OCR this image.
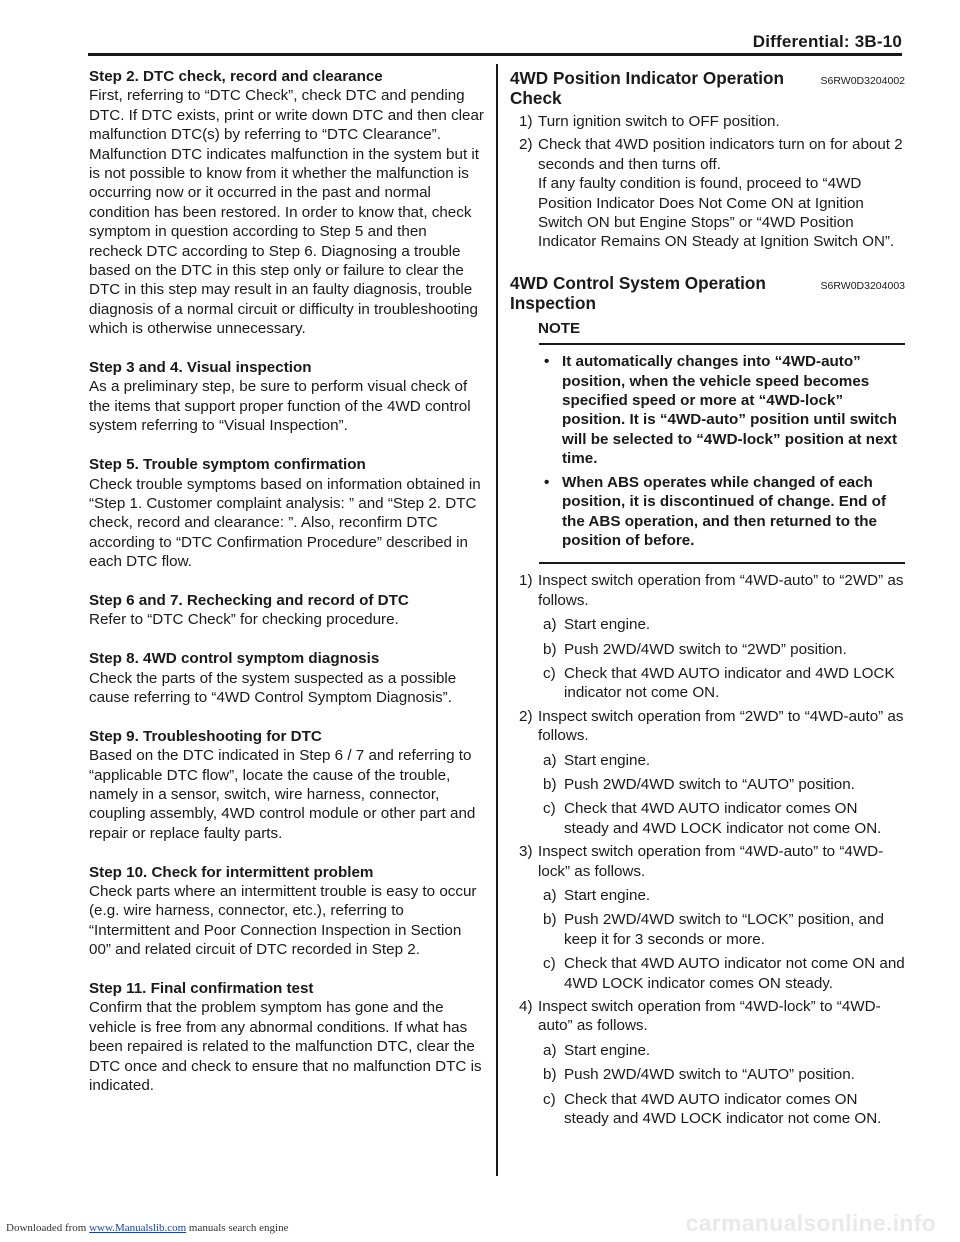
Differential: 3B-10
Step 2. DTC check, record and clearance
First, referring to “DTC Check”, check DTC and pending DTC. If DTC exists, print or write down DTC and then clear malfunction DTC(s) by referring to “DTC Clearance”. Malfunction DTC indicates malfunction in the system but it is not possible to know from it whether the malfunction is occurring now or it occurred in the past and normal condition has been restored. In order to know that, check symptom in question according to Step 5 and then recheck DTC according to Step 6. Diagnosing a trouble based on the DTC in this step only or failure to clear the DTC in this step may result in an faulty diagnosis, trouble diagnosis of a normal circuit or difficulty in troubleshooting which is otherwise unnecessary.
Step 3 and 4. Visual inspection
As a preliminary step, be sure to perform visual check of the items that support proper function of the 4WD control system referring to “Visual Inspection”.
Step 5. Trouble symptom confirmation
Check trouble symptoms based on information obtained in “Step 1. Customer complaint analysis: ” and “Step 2. DTC check, record and clearance: ”. Also, reconfirm DTC according to “DTC Confirmation Procedure” described in each DTC flow.
Step 6 and 7. Rechecking and record of DTC
Refer to “DTC Check” for checking procedure.
Step 8. 4WD control symptom diagnosis
Check the parts of the system suspected as a possible cause referring to “4WD Control Symptom Diagnosis”.
Step 9. Troubleshooting for DTC
Based on the DTC indicated in Step 6 / 7 and referring to “applicable DTC flow”, locate the cause of the trouble, namely in a sensor, switch, wire harness, connector, coupling assembly, 4WD control module or other part and repair or replace faulty parts.
Step 10. Check for intermittent problem
Check parts where an intermittent trouble is easy to occur (e.g. wire harness, connector, etc.), referring to “Intermittent and Poor Connection Inspection in Section 00” and related circuit of DTC recorded in Step 2.
Step 11. Final confirmation test
Confirm that the problem symptom has gone and the vehicle is free from any abnormal conditions. If what has been repaired is related to the malfunction DTC, clear the DTC once and check to ensure that no malfunction DTC is indicated.
4WD Position Indicator Operation Check
S6RW0D3204002
1) Turn ignition switch to OFF position.
2) Check that 4WD position indicators turn on for about 2 seconds and then turns off.
If any faulty condition is found, proceed to “4WD Position Indicator Does Not Come ON at Ignition Switch ON but Engine Stops” or “4WD Position Indicator Remains ON Steady at Ignition Switch ON”.
4WD Control System Operation Inspection
S6RW0D3204003
NOTE
• It automatically changes into “4WD-auto” position, when the vehicle speed becomes specified speed or more at “4WD-lock” position. It is “4WD-auto” position until switch will be selected to “4WD-lock” position at next time.
• When ABS operates while changed of each position, it is discontinued of change. End of the ABS operation, and then returned to the position of before.
1) Inspect switch operation from “4WD-auto” to “2WD” as follows.
a) Start engine.
b) Push 2WD/4WD switch to “2WD” position.
c) Check that 4WD AUTO indicator and 4WD LOCK indicator not come ON.
2) Inspect switch operation from “2WD” to “4WD-auto” as follows.
a) Start engine.
b) Push 2WD/4WD switch to “AUTO” position.
c) Check that 4WD AUTO indicator comes ON steady and 4WD LOCK indicator not come ON.
3) Inspect switch operation from “4WD-auto” to “4WD-lock” as follows.
a) Start engine.
b) Push 2WD/4WD switch to “LOCK” position, and keep it for 3 seconds or more.
c) Check that 4WD AUTO indicator not come ON and 4WD LOCK indicator comes ON steady.
4) Inspect switch operation from “4WD-lock” to “4WD-auto” as follows.
a) Start engine.
b) Push 2WD/4WD switch to “AUTO” position.
c) Check that 4WD AUTO indicator comes ON steady and 4WD LOCK indicator not come ON.
Downloaded from www.Manualslib.com manuals search engine	carmanualsonline.info
